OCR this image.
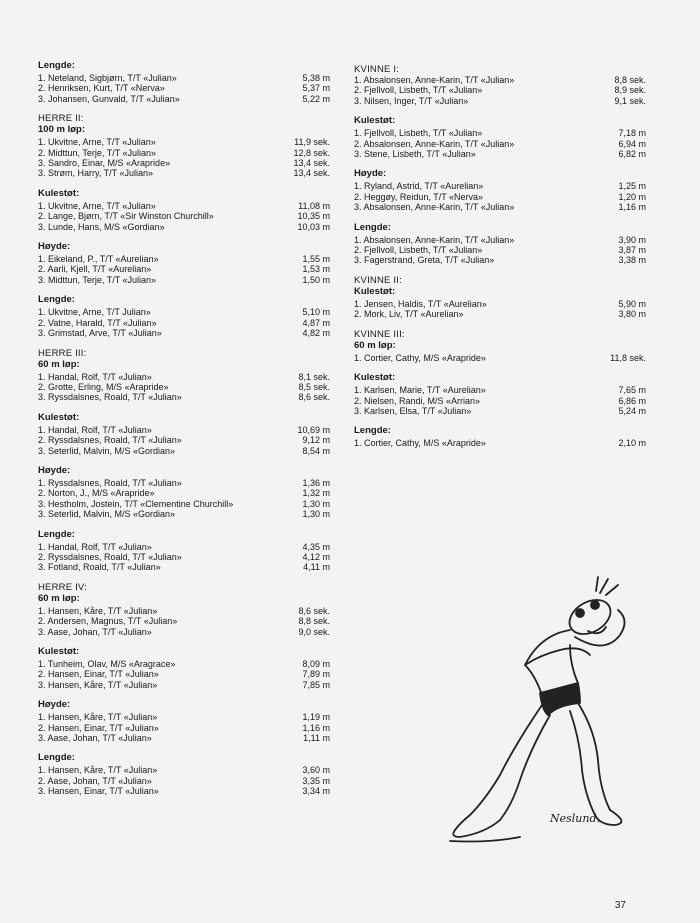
Lengde:
1. Neteland, Sigbjørn, T/T «Julian»	5,38 m
2. Henriksen, Kurt, T/T «Nerva»	5,37 m
3. Johansen, Gunvald, T/T «Julian»	5,22 m
HERRE II:
100 m løp:
1. Ukvitne, Arne, T/T «Julian»	11,9 sek.
2. Midttun, Terje, T/T «Julian»	12,8 sek.
3. Sandro, Einar, M/S «Arapride»	13,4 sek.
3. Strøm, Harry, T/T «Julian»	13,4 sek.
Kulestøt:
1. Ukvitne, Arne, T/T «Julian»	11,08 m
2. Lange, Bjørn, T/T «Sir Winston Churchill»	10,35 m
3. Lunde, Hans, M/S «Gordian»	10,03 m
Høyde:
1. Eikeland, P., T/T «Aurelian»	1,55 m
2. Aarli, Kjell, T/T «Aurelian»	1,53 m
3. Midttun, Terje, T/T «Julian»	1,50 m
Lengde:
1. Ukvitne, Arne, T/T Julian»	5,10 m
2. Vatne, Harald, T/T «Julian»	4,87 m
3. Grimstad, Arve, T/T «Julian»	4,82 m
HERRE III:
60 m løp:
1. Handal, Rolf, T/T «Julian»	8,1 sek.
2. Grotte, Erling, M/S «Arapride»	8,5 sek.
3. Ryssdalsnes, Roald, T/T «Julian»	8,6 sek.
Kulestøt:
1. Handal, Rolf, T/T «Julian»	10,69 m
2. Ryssdalsnes, Roald, T/T «Julian»	9,12 m
3. Seterlid, Malvin, M/S «Gordian»	8,54 m
Høyde:
1. Ryssdalsnes, Roald, T/T «Julian»	1,36 m
2. Norton, J., M/S «Arapride»	1,32 m
3. Hestholm, Jostein, T/T «Clementine Churchill»	1,30 m
3. Seterlid, Malvin, M/S «Gordian»	1,30 m
Lengde:
1. Handal, Rolf, T/T «Julian»	4,35 m
2. Ryssdalsnes, Roald, T/T «Julian»	4,12 m
3. Fotland, Roald, T/T «Julian»	4,11 m
HERRE IV:
60 m løp:
1. Hansen, Kåre, T/T «Julian»	8,6 sek.
2. Andersen, Magnus, T/T «Julian»	8,8 sek.
3. Aase, Johan, T/T «Julian»	9,0 sek.
Kulestøt:
1. Tunheim, Olav, M/S «Aragrace»	8,09 m
2. Hansen, Einar, T/T «Julian»	7,89 m
3. Hansen, Kåre, T/T «Julian»	7,85 m
Høyde:
1. Hansen, Kåre, T/T «Julian»	1,19 m
2. Hansen, Einar, T/T «Julian»	1,16 m
3. Aase, Johan, T/T «Julian»	1,11 m
Lengde:
1. Hansen, Kåre, T/T «Julian»	3,60 m
2. Aase, Johan, T/T «Julian»	3,35 m
3. Hansen, Einar, T/T «Julian»	3,34 m
KVINNE I:
1. Absalonsen, Anne-Karin, T/T «Julian»	8,8 sek.
2. Fjellvoll, Lisbeth, T/T «Julian»	8,9 sek.
3. Nilsen, Inger, T/T «Julian»	9,1 sek.
Kulestøt:
1. Fjellvoll, Lisbeth, T/T «Julian»	7,18 m
2. Absalonsen, Anne-Karin, T/T «Julian»	6,94 m
3. Stene, Lisbeth, T/T «Julian»	6,82 m
Høyde:
1. Ryland, Astrid, T/T «Aurelian»	1,25 m
2. Heggøy, Reidun, T/T «Nerva»	1,20 m
3. Absalonsen, Anne-Karin, T/T «Julian»	1,16 m
Lengde:
1. Absalonsen, Anne-Karin, T/T «Julian»	3,90 m
2. Fjellvoll, Lisbeth, T/T «Julian»	3,87 m
3. Fagerstrand, Greta, T/T «Julian»	3,38 m
KVINNE II:
Kulestøt:
1. Jensen, Haldis, T/T «Aurelian»	5,90 m
2. Mork, Liv, T/T «Aurelian»	3,80 m
KVINNE III:
60 m løp:
1. Cortier, Cathy, M/S «Arapride»	11,8 sek.
Kulestøt:
1. Karlsen, Marie, T/T «Aurelian»	7,65 m
2. Nielsen, Randi, M/S «Arrian»	6,86 m
3. Karlsen, Elsa, T/T «Julian»	5,24 m
Lengde:
1. Cortier, Cathy, M/S «Arapride»	2,10 m
Neslund.
37
